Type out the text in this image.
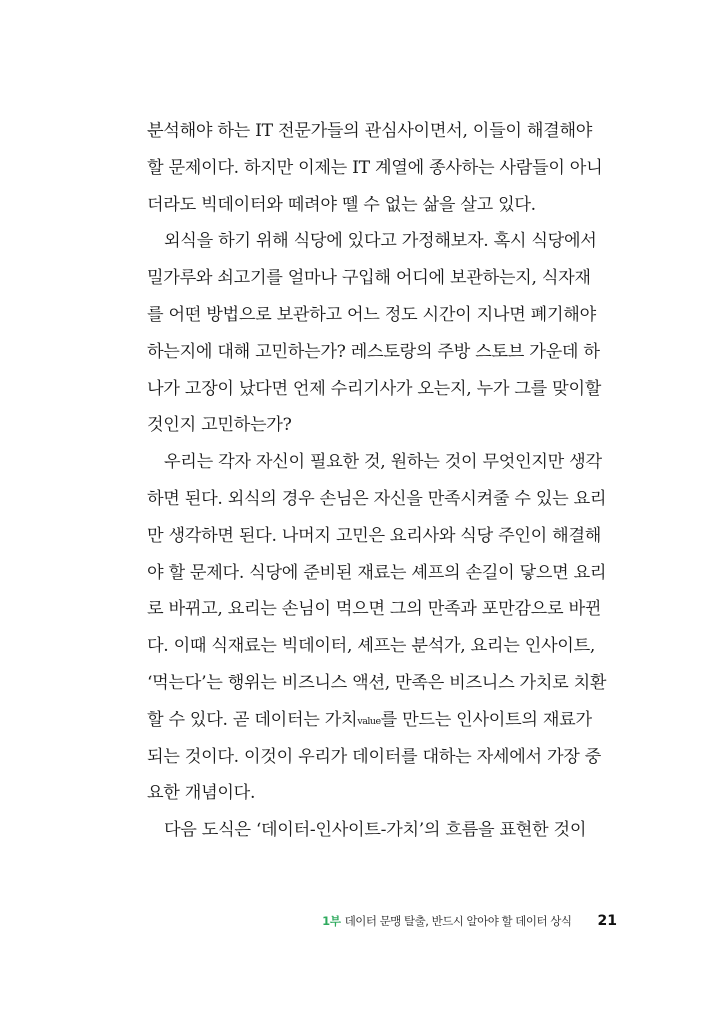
분석해야 하는 IT 전문가들의 관심사이면서, 이들이 해결해야
할 문제이다. 하지만 이제는 IT 계열에 종사하는 사람들이 아니
더라도 빅데이터와 떼려야 뗄 수 없는 삶을 살고 있다.
외식을 하기 위해 식당에 있다고 가정해보자. 혹시 식당에서
밀가루와 쇠고기를 얼마나 구입해 어디에 보관하는지, 식자재
를 어떤 방법으로 보관하고 어느 정도 시간이 지나면 폐기해야
하는지에 대해 고민하는가? 레스토랑의 주방 스토브 가운데 하
나가 고장이 났다면 언제 수리기사가 오는지, 누가 그를 맞이할
것인지 고민하는가?
우리는 각자 자신이 필요한 것, 원하는 것이 무엇인지만 생각
하면 된다. 외식의 경우 손님은 자신을 만족시켜줄 수 있는 요리
만 생각하면 된다. 나머지 고민은 요리사와 식당 주인이 해결해
야 할 문제다. 식당에 준비된 재료는 셰프의 손길이 닿으면 요리
로 바뀌고, 요리는 손님이 먹으면 그의 만족과 포만감으로 바뀐
다. 이때 식재료는 빅데이터, 셰프는 분석가, 요리는 인사이트,
‘먹는다’는 행위는 비즈니스 액션, 만족은 비즈니스 가치로 치환
할 수 있다. 곧 데이터는 가치value를 만드는 인사이트의 재료가
되는 것이다. 이것이 우리가 데이터를 대하는 자세에서 가장 중
요한 개념이다.
다음 도식은 ‘데이터-인사이트-가치’의 흐름을 표현한 것이
1부 데이터 문맹 탈출, 반드시 알아야 할 데이터 상식 21
